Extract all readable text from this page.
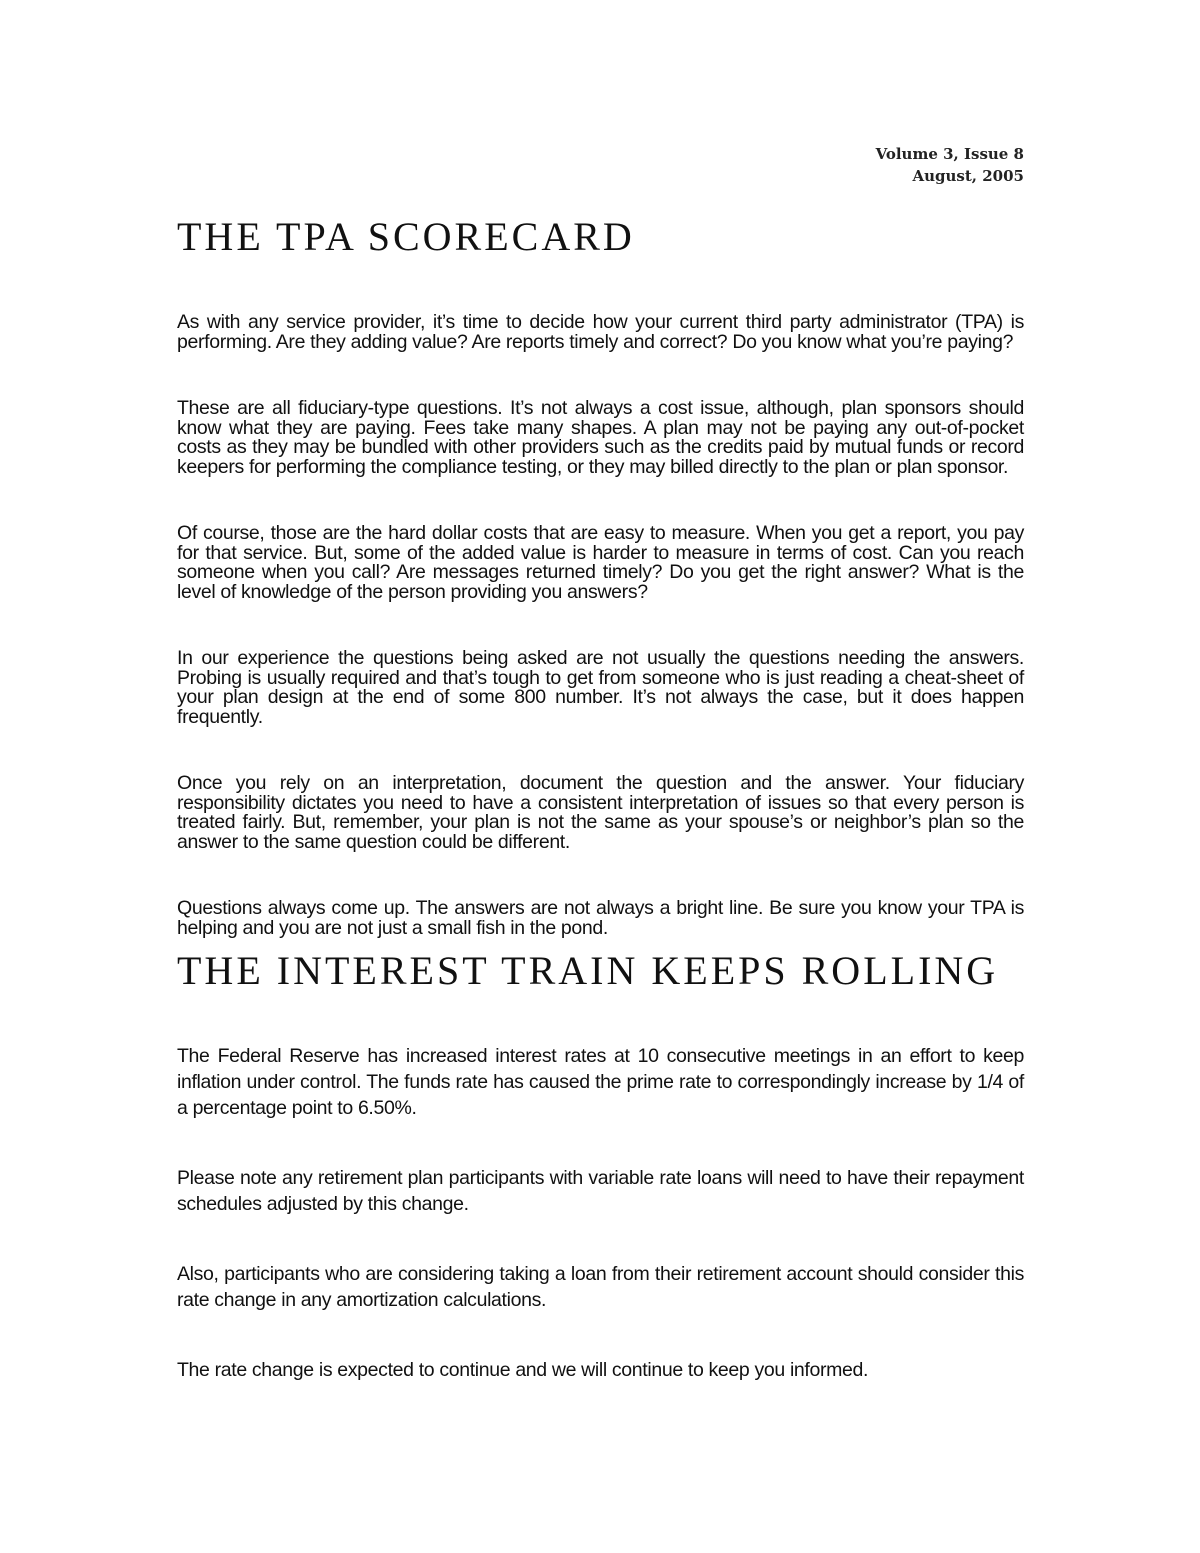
Volume 3, Issue 8
August, 2005
THE TPA SCORECARD

As with any service provider, it’s time to decide how your current third party administrator (TPA) is performing. Are they adding value? Are reports timely and correct? Do you know what you’re paying?

These are all fiduciary-type questions. It’s not always a cost issue, although, plan sponsors should know what they are paying. Fees take many shapes. A plan may not be paying any out-of-pocket costs as they may be bundled with other providers such as the credits paid by mutual funds or record keepers for performing the compliance testing, or they may billed directly to the plan or plan sponsor.

Of course, those are the hard dollar costs that are easy to measure. When you get a report, you pay for that service. But, some of the added value is harder to measure in terms of cost. Can you reach someone when you call? Are messages returned timely? Do you get the right answer? What is the level of knowledge of the person providing you answers?

In our experience the questions being asked are not usually the questions needing the answers. Probing is usually required and that’s tough to get from someone who is just reading a cheat-sheet of your plan design at the end of some 800 number. It’s not always the case, but it does happen frequently.

Once you rely on an interpretation, document the question and the answer. Your fiduciary responsibility dictates you need to have a consistent interpretation of issues so that every person is treated fairly. But, remember, your plan is not the same as your spouse’s or neighbor’s plan so the answer to the same question could be different.

Questions always come up. The answers are not always a bright line. Be sure you know your TPA is helping and you are not just a small fish in the pond.

THE INTEREST TRAIN KEEPS ROLLING

The Federal Reserve has increased interest rates at 10 consecutive meetings in an effort to keep inflation under control. The funds rate has caused the prime rate to correspondingly increase by 1/4 of a percentage point to 6.50%.

Please note any retirement plan participants with variable rate loans will need to have their repayment schedules adjusted by this change.

Also, participants who are considering taking a loan from their retirement account should consider this rate change in any amortization calculations.

The rate change is expected to continue and we will continue to keep you informed.
